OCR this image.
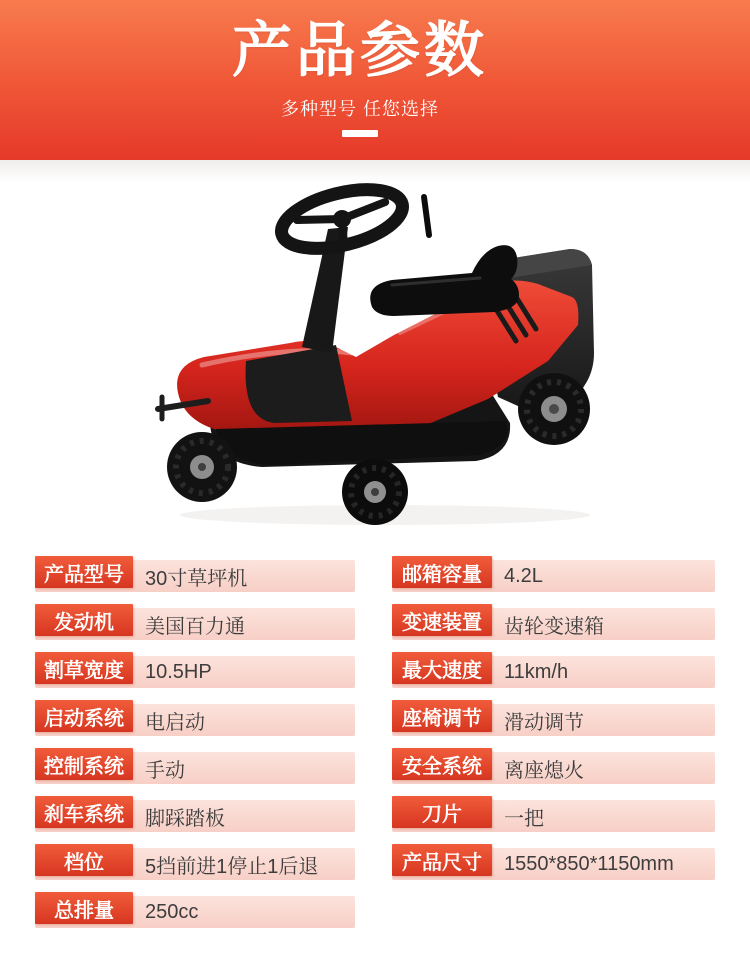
产品参数
多种型号 任您选择
30寸草坪机
产品型号
美国百力通
发动机
10.5HP
割草宽度
电启动
启动系统
手动
控制系统
脚踩踏板
刹车系统
5挡前进1停止1后退
档位
250cc
总排量
4.2L
邮箱容量
齿轮变速箱
变速装置
11km/h
最大速度
滑动调节
座椅调节
离座熄火
安全系统
一把
刀片
1550*850*1150mm
产品尺寸
